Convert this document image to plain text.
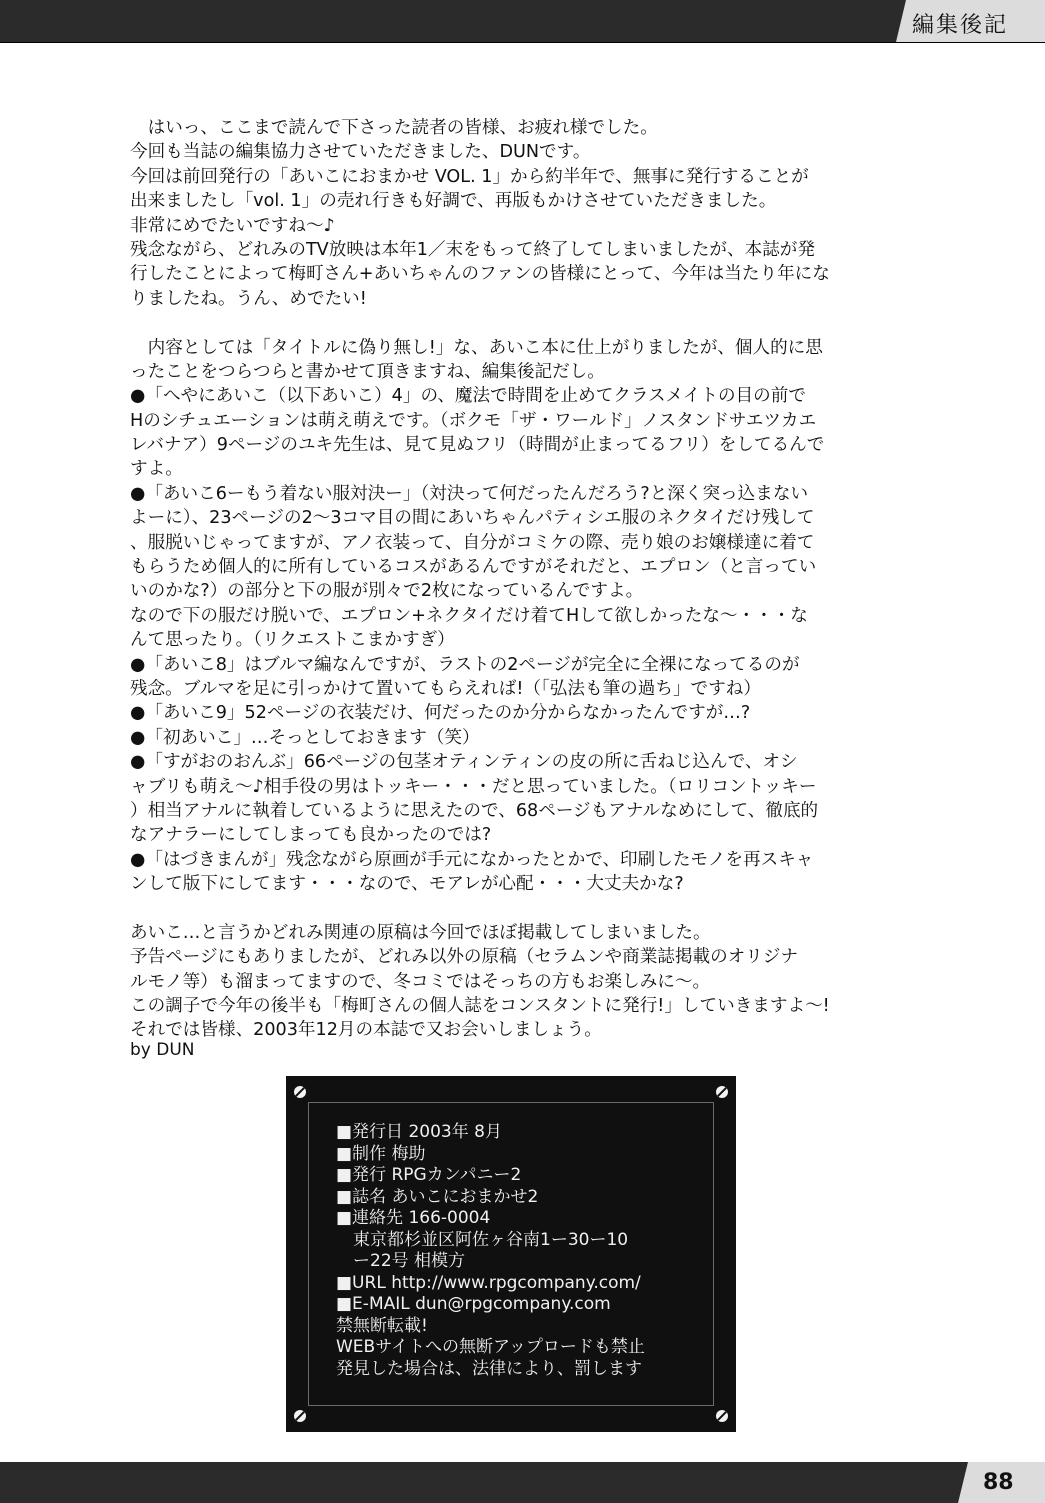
編集後記
　はいっ、ここまで読んで下さった読者の皆様、お疲れ様でした。
今回も当誌の編集協力させていただきました、DUNです。
今回は前回発行の「あいこにおまかせ VOL. 1」から約半年で、無事に発行することが
出来ましたし「vol. 1」の売れ行きも好調で、再版もかけさせていただきました。
非常にめでたいですね～♪
残念ながら、どれみのTV放映は本年1／末をもって終了してしまいましたが、本誌が発
行したことによって梅町さん+あいちゃんのファンの皆様にとって、今年は当たり年にな
りましたね。うん、めでたい!
　内容としては「タイトルに偽り無し!」な、あいこ本に仕上がりましたが、個人的に思
ったことをつらつらと書かせて頂きますね、編集後記だし。
●「へやにあいこ（以下あいこ）4」の、魔法で時間を止めてクラスメイトの目の前で
Hのシチュエーションは萌え萌えです。（ボクモ「ザ・ワールド」ノスタンドサエツカエ
レバナア）9ページのユキ先生は、見て見ぬフリ（時間が止まってるフリ）をしてるんで
すよ。
●「あいこ6ーもう着ない服対決ー」（対決って何だったんだろう?と深く突っ込まない
よーに）、23ページの2～3コマ目の間にあいちゃんパティシエ服のネクタイだけ残して
、服脱いじゃってますが、アノ衣装って、自分がコミケの際、売り娘のお嬢様達に着て
もらうため個人的に所有しているコスがあるんですがそれだと、エプロン（と言ってい
いのかな?）の部分と下の服が別々で2枚になっているんですよ。
なので下の服だけ脱いで、エプロン+ネクタイだけ着てHして欲しかったな～・・・な
んて思ったり。（リクエストこまかすぎ）
●「あいこ8」はブルマ編なんですが、ラストの2ページが完全に全裸になってるのが
残念。ブルマを足に引っかけて置いてもらえれば!（「弘法も筆の過ち」ですね）
●「あいこ9」52ページの衣装だけ、何だったのか分からなかったんですが…?
●「初あいこ」…そっとしておきます（笑）
●「すがおのおんぶ」66ページの包茎オティンティンの皮の所に舌ねじ込んで、オシ
ャブリも萌え～♪相手役の男はトッキー・・・だと思っていました。（ロリコントッキー
）相当アナルに執着しているように思えたので、68ページもアナルなめにして、徹底的
なアナラーにしてしまっても良かったのでは?
●「はづきまんが」残念ながら原画が手元になかったとかで、印刷したモノを再スキャ
ンして版下にしてます・・・なので、モアレが心配・・・大丈夫かな?
あいこ…と言うかどれみ関連の原稿は今回でほぼ掲載してしまいました。
予告ページにもありましたが、どれみ以外の原稿（セラムンや商業誌掲載のオリジナ
ルモノ等）も溜まってますので、冬コミではそっちの方もお楽しみに～。
この調子で今年の後半も「梅町さんの個人誌をコンスタントに発行!」していきますよ～!
それでは皆様、2003年12月の本誌で又お会いしましょう。
by DUN
■発行日 2003年 8月
■制作 梅助
■発行 RPGカンパニー2
■誌名 あいこにおまかせ2
■連絡先 166-0004
　東京都杉並区阿佐ヶ谷南1ー30ー10
　ー22号 相模方
■URL http://www.rpgcompany.com/
■E-MAIL dun@rpgcompany.com
禁無断転載!
WEBサイトへの無断アップロードも禁止
発見した場合は、法律により、罰します
88
